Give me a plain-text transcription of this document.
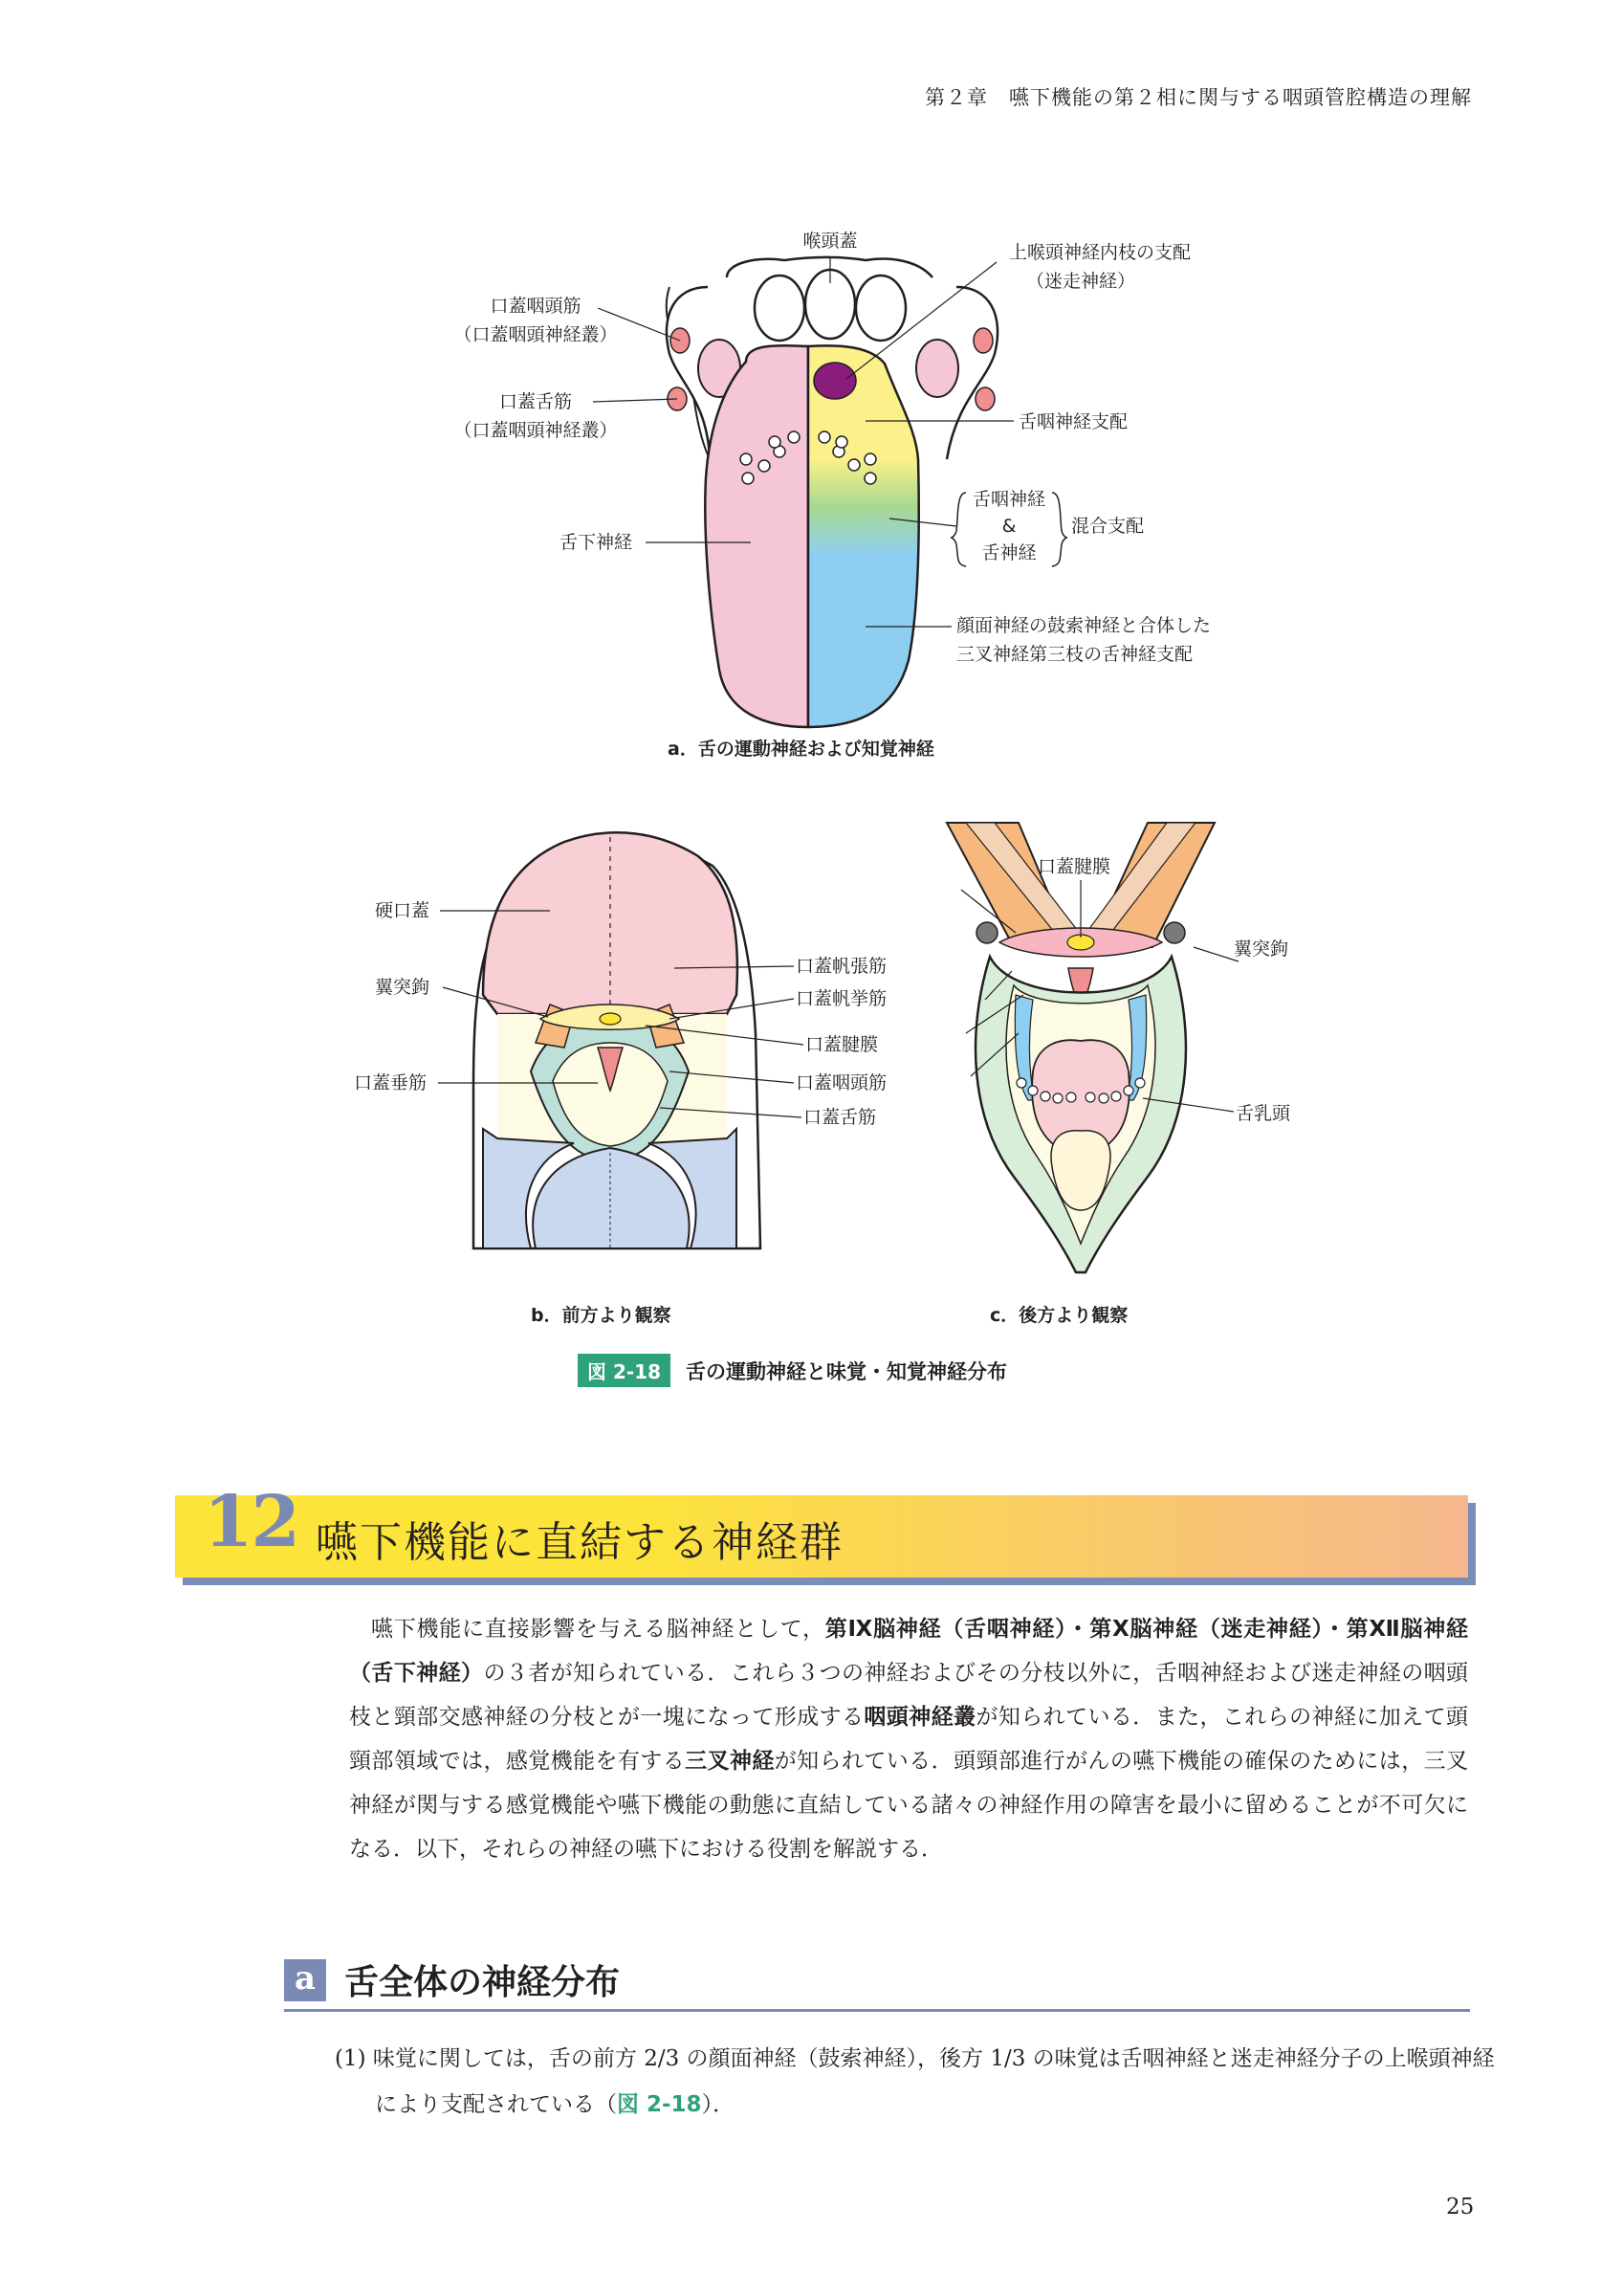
第２章　嚥下機能の第２相に関与する咽頭管腔構造の理解
喉頭蓋
上喉頭神経内枝の支配
（迷走神経）
口蓋咽頭筋
（口蓋咽頭神経叢）
口蓋舌筋
（口蓋咽頭神経叢）	舌咽神経支配
舌咽神経
&
舌神経
混合支配
舌下神経
顔面神経の鼓索神経と合体した
三叉神経第三枝の舌神経支配
a．舌の運動神経および知覚神経
硬口蓋
翼突鉤
口蓋垂筋
口蓋帆張筋
口蓋帆挙筋
口蓋腱膜
口蓋咽頭筋
口蓋舌筋
b．前方より観察
口蓋腱膜
翼突鉤
舌乳頭
c．後方より観察
図 2-18	舌の運動神経と味覚・知覚神経分布
12 嚥下機能に直結する神経群
嚥下機能に直接影響を与える脳神経として，第Ⅸ脳神経（舌咽神経）・第Ⅹ脳神経（迷走神経）・第Ⅻ脳神経（舌下神経）の３者が知られている．これら３つの神経およびその分枝以外に，舌咽神経および迷走神経の咽頭枝と頸部交感神経の分枝とが一塊になって形成する咽頭神経叢が知られている．また，これらの神経に加えて頭頸部領域では，感覚機能を有する三叉神経が知られている．頭頸部進行がんの嚥下機能の確保のためには，三叉神経が関与する感覚機能や嚥下機能の動態に直結している諸々の神経作用の障害を最小に留めることが不可欠になる．以下，それらの神経の嚥下における役割を解説する．
a 舌全体の神経分布
(1) 味覚に関しては，舌の前方 2/3 の顔面神経（鼓索神経），後方 1/3 の味覚は舌咽神経と迷走神経分子の上喉頭神経により支配されている（図 2-18）．
25
